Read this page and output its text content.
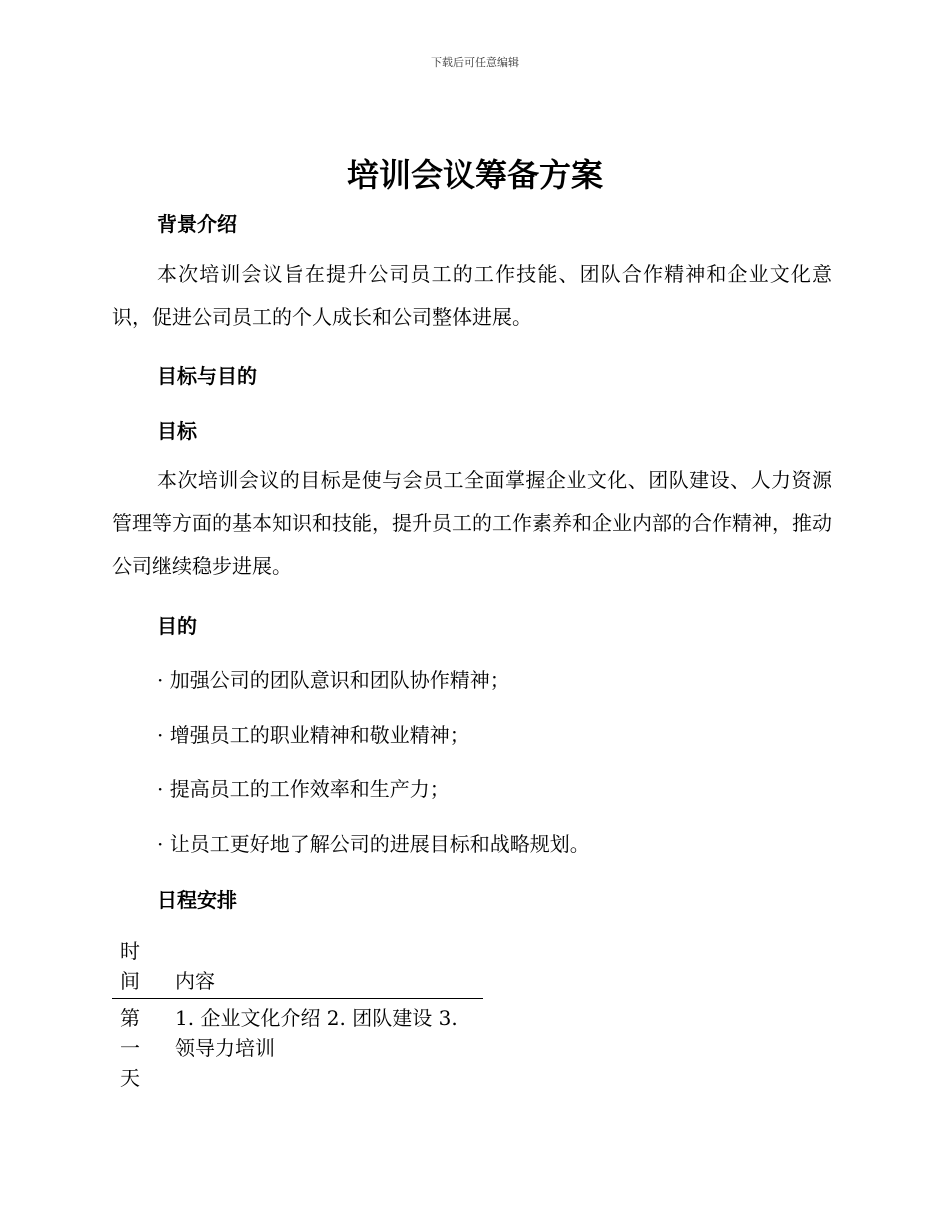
下载后可任意编辑
培训会议筹备方案
背景介绍

本次培训会议旨在提升公司员工的工作技能、团队合作精神和企业文化意识，促进公司员工的个人成长和公司整体进展。

目标与目的
目标

本次培训会议的目标是使与会员工全面掌握企业文化、团队建设、人力资源管理等方面的基本知识和技能，提升员工的工作素养和企业内部的合作精神，推动公司继续稳步进展。

目的

· 加强公司的团队意识和团队协作精神；

· 增强员工的职业精神和敬业精神；

· 提高员工的工作效率和生产力；

· 让员工更好地了解公司的进展目标和战略规划。

日程安排
时间	内容
第一天	1. 企业文化介绍 2. 团队建设 3. 领导力培训
